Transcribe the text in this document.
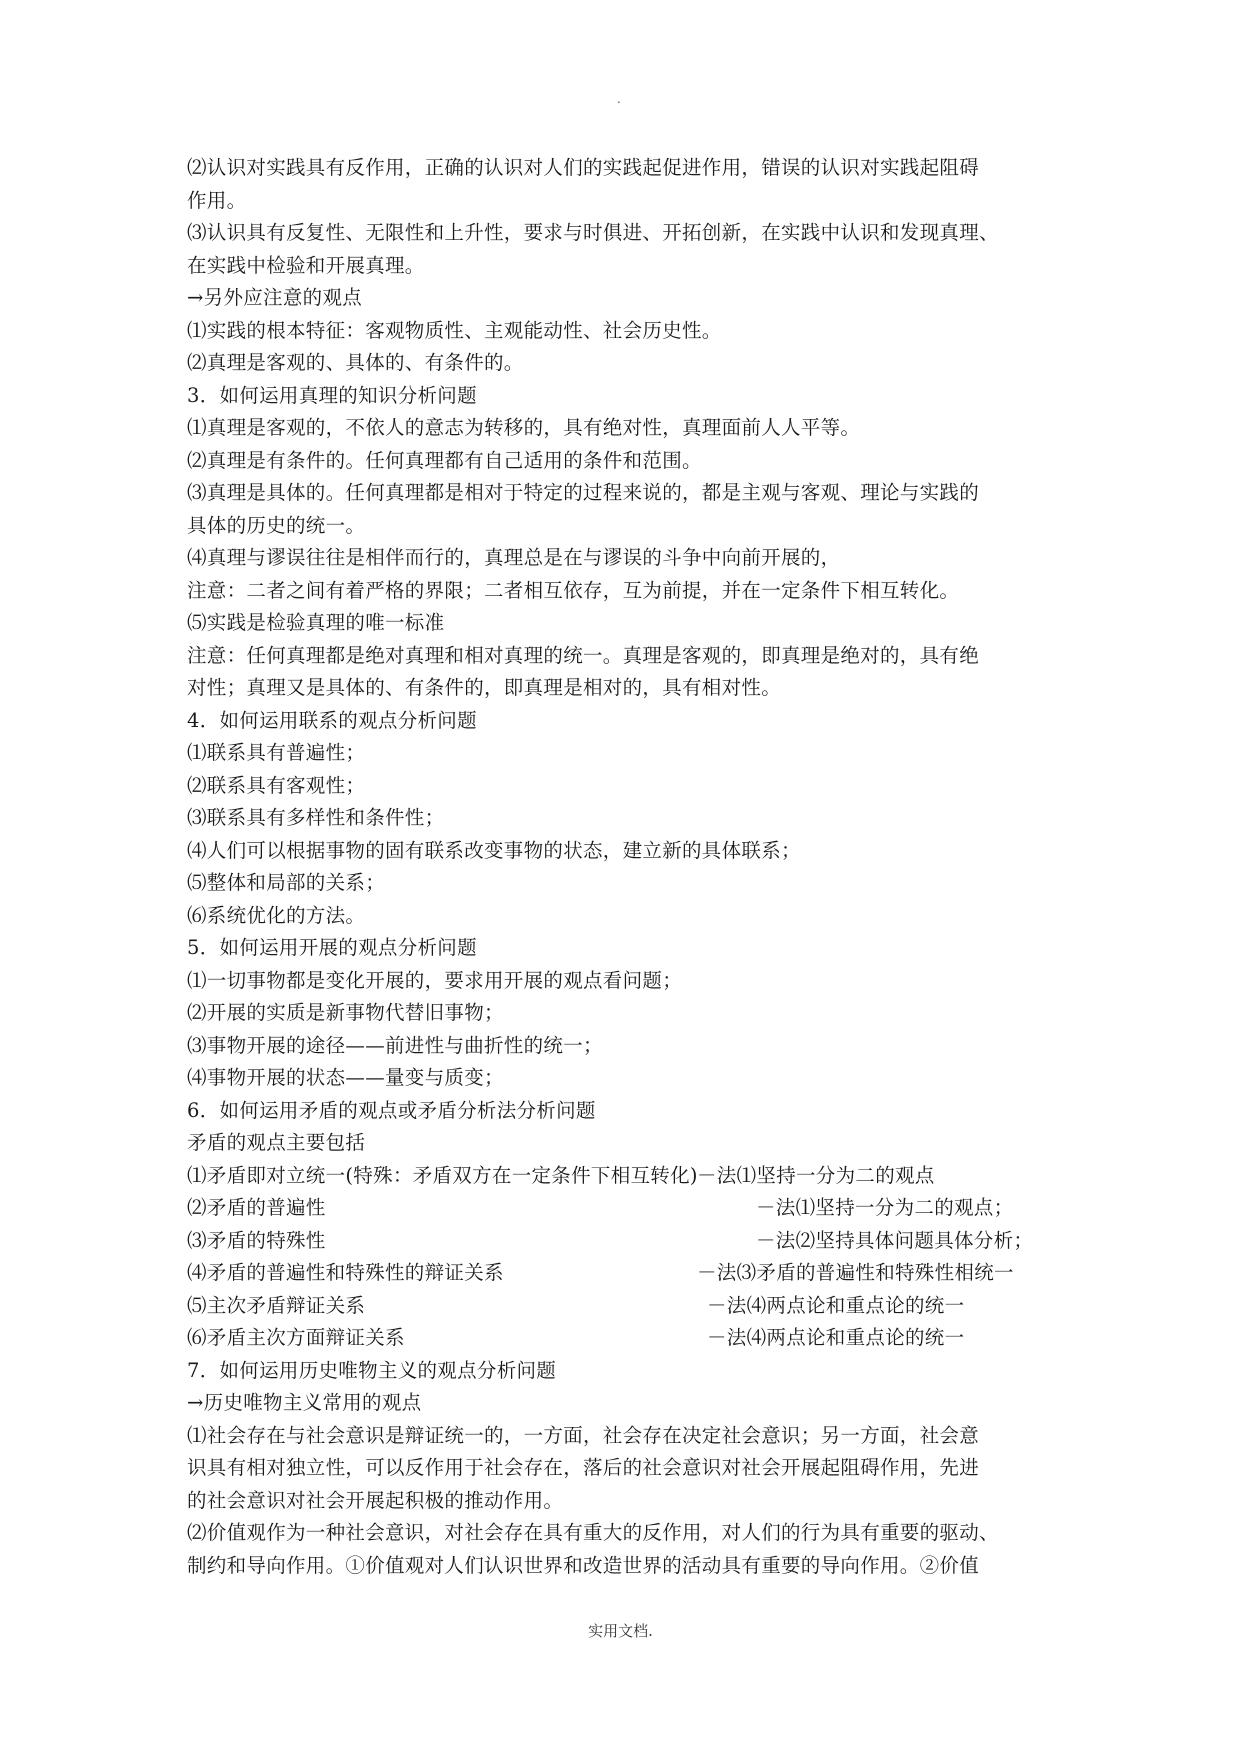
.
⑵认识对实践具有反作用，正确的认识对人们的实践起促进作用，错误的认识对实践起阻碍
作用。
⑶认识具有反复性、无限性和上升性，要求与时俱进、开拓创新，在实践中认识和发现真理、
在实践中检验和开展真理。
→另外应注意的观点
⑴实践的根本特征：客观物质性、主观能动性、社会历史性。
⑵真理是客观的、具体的、有条件的。
3．如何运用真理的知识分析问题
⑴真理是客观的，不依人的意志为转移的，具有绝对性，真理面前人人平等。
⑵真理是有条件的。任何真理都有自己适用的条件和范围。
⑶真理是具体的。任何真理都是相对于特定的过程来说的，都是主观与客观、理论与实践的
具体的历史的统一。
⑷真理与谬误往往是相伴而行的，真理总是在与谬误的斗争中向前开展的，
注意：二者之间有着严格的界限；二者相互依存，互为前提，并在一定条件下相互转化。
⑸实践是检验真理的唯一标准
注意：任何真理都是绝对真理和相对真理的统一。真理是客观的，即真理是绝对的，具有绝
对性；真理又是具体的、有条件的，即真理是相对的，具有相对性。
4．如何运用联系的观点分析问题
⑴联系具有普遍性；
⑵联系具有客观性；
⑶联系具有多样性和条件性；
⑷人们可以根据事物的固有联系改变事物的状态，建立新的具体联系；
⑸整体和局部的关系；
⑹系统优化的方法。
5．如何运用开展的观点分析问题
⑴一切事物都是变化开展的，要求用开展的观点看问题；
⑵开展的实质是新事物代替旧事物；
⑶事物开展的途径——前进性与曲折性的统一；
⑷事物开展的状态——量变与质变；
6．如何运用矛盾的观点或矛盾分析法分析问题
矛盾的观点主要包括
⑴矛盾即对立统一(特殊：矛盾双方在一定条件下相互转化) －法⑴坚持一分为二的观点
⑵矛盾的普遍性	－法⑴坚持一分为二的观点；
⑶矛盾的特殊性	－法⑵坚持具体问题具体分析；
⑷矛盾的普遍性和特殊性的辩证关系	－法⑶矛盾的普遍性和特殊性相统一
⑸主次矛盾辩证关系	－法⑷两点论和重点论的统一
⑹矛盾主次方面辩证关系	－法⑷两点论和重点论的统一
7．如何运用历史唯物主义的观点分析问题
→历史唯物主义常用的观点
⑴社会存在与社会意识是辩证统一的，一方面，社会存在决定社会意识；另一方面，社会意
识具有相对独立性，可以反作用于社会存在，落后的社会意识对社会开展起阻碍作用，先进
的社会意识对社会开展起积极的推动作用。
⑵价值观作为一种社会意识，对社会存在具有重大的反作用，对人们的行为具有重要的驱动、
制约和导向作用。①价值观对人们认识世界和改造世界的活动具有重要的导向作用。②价值
实用文档.
